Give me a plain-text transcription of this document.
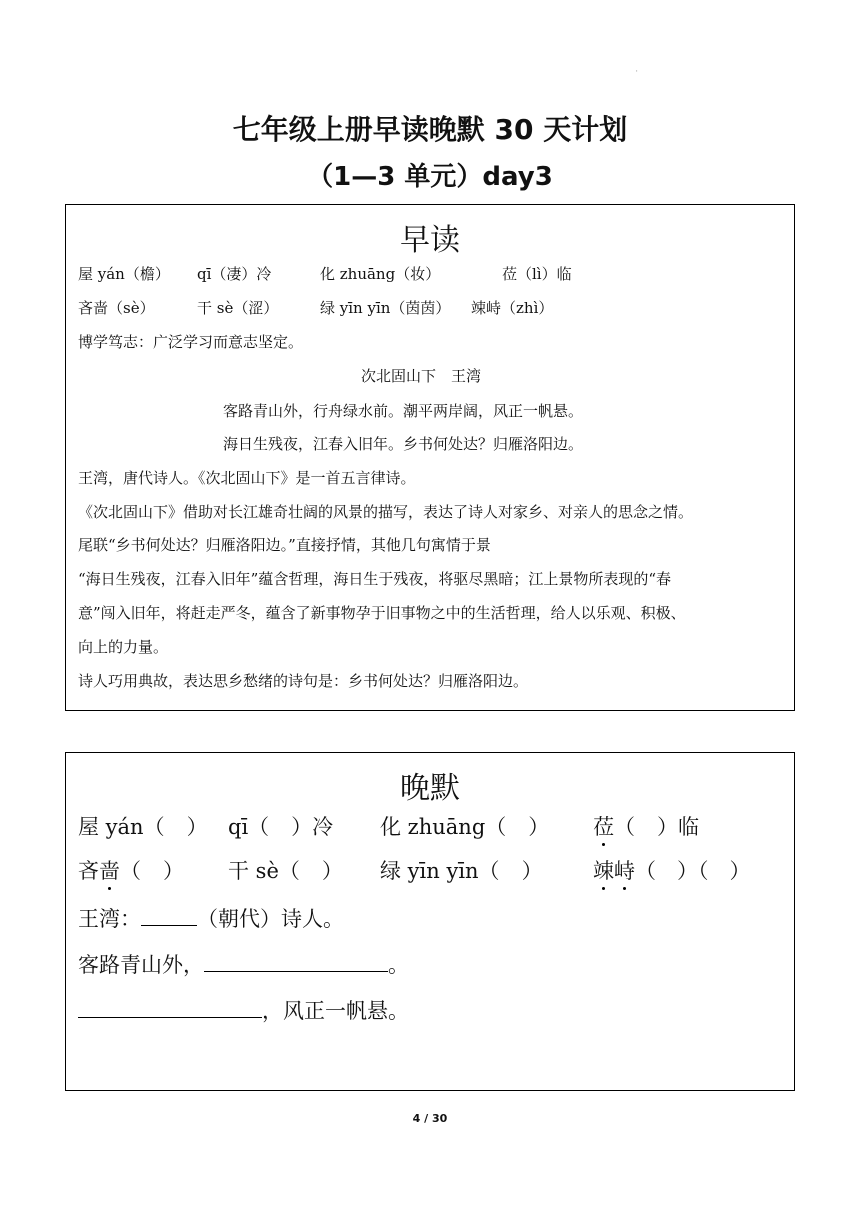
'
七年级上册早读晚默 30 天计划
（1—3 单元）day3
早读
屋 yán（檐） qī（凄）冷	化 zhuāng（妆）	莅（lì）临
吝啬（sè）	干 sè（涩）	绿 yīn yīn（茵茵） 竦峙（zhì）
博学笃志：广泛学习而意志坚定。
次北固山下　王湾
客路青山外，行舟绿水前。潮平两岸阔，风正一帆悬。
海日生残夜，江春入旧年。乡书何处达？归雁洛阳边。
王湾，唐代诗人。《次北固山下》是一首五言律诗。
《次北固山下》借助对长江雄奇壮阔的风景的描写，表达了诗人对家乡、对亲人的思念之情。
尾联“乡书何处达？归雁洛阳边。”直接抒情，其他几句寓情于景
“海日生残夜，江春入旧年”蕴含哲理，海日生于残夜，将驱尽黑暗；江上景物所表现的“春
意”闯入旧年，将赶走严冬，蕴含了新事物孕于旧事物之中的生活哲理，给人以乐观、积极、
向上的力量。
诗人巧用典故，表达思乡愁绪的诗句是：乡书何处达？归雁洛阳边。
晚默
屋 yán（ ） qī（ ）冷 化 zhuāng（ ） 莅（ ）临
吝啬（ ） 干 sè（ ） 绿 yīn yīn（ ） 竦峙（　）（　）
王湾：	（朝代）诗人。
客路青山外，	。
，风正一帆悬。
4 / 30
